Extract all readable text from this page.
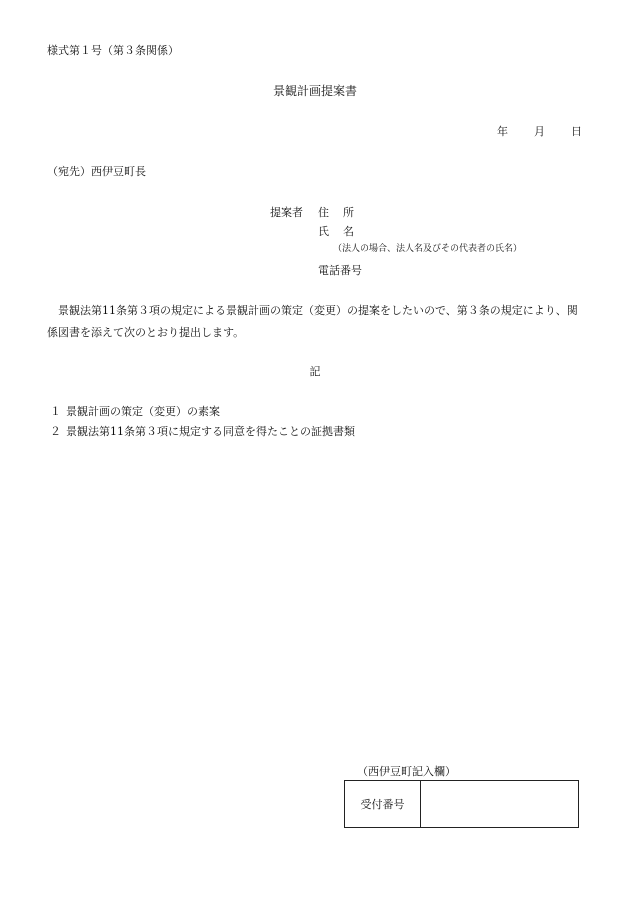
様式第１号（第３条関係）
景観計画提案書
年 月 日
（宛先）西伊豆町長
提案者 住所
氏名
（法人の場合、法人名及びその代表者の氏名）
電話番号
景観法第11条第３項の規定による景観計画の策定（変更）の提案をしたいので、第３条の規定により、関係図書を添えて次のとおり提出します。
記
１ 景観計画の策定（変更）の素案
２ 景観法第11条第３項に規定する同意を得たことの証拠書類
（西伊豆町記入欄）
受付番号
